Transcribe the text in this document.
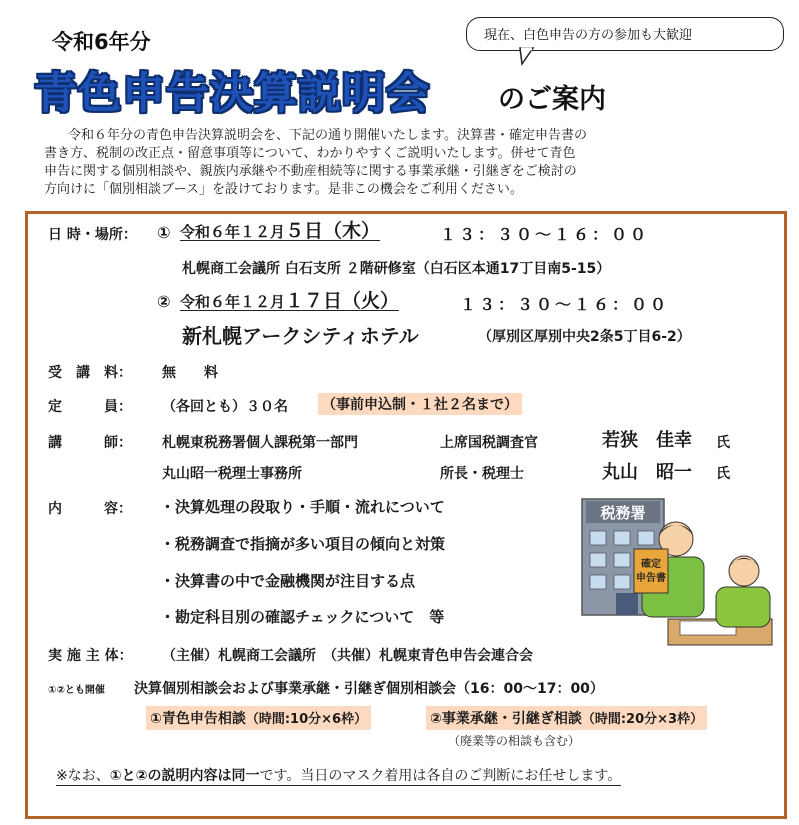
令和6年分
青色申告決算説明会	のご案内
現在、白色申告の方の参加も大歓迎

令和６年分の青色申告決算説明会を、下記の通り開催いたします。決算書・確定申告書の

書き方、税制の改正点・留意事項等について、わかりやすくご説明いたします。併せて青色

申告に関する個別相談や、親族内承継や不動産相続等に関する事業承継・引継ぎをご検討の

方向けに「個別相談ブース」を設けております。是非この機会をご利用ください。

日 時・場所： ① 令和６年１２月５日（木）	１３：３０～１６：００
札幌商工会議所 白石支所 ２階研修室（白石区本通17丁目南5-15）
② 令和６年１２月１７日（火）	１３：３０～１６：００
新札幌アークシティホテル	（厚別区厚別中央2条5丁目6-2）
受　講　料： 無　　料
定　　　員： （各回とも）３０名 （事前申込制・１社２名まで）
講　　　師： 札幌東税務署個人課税第一部門	上席国税調査官	若狭　佳幸 氏
丸山昭一税理士事務所	所長・税理士	丸山　昭一 氏
内　　　容： ・決算処理の段取り・手順・流れについて
・税務調査で指摘が多い項目の傾向と対策
・決算書の中で金融機関が注目する点
・勘定科目別の確認チェックについて　等
税務署
確定
申告書
実 施 主 体： （主催）札幌商工会議所　（共催）札幌東青色申告会連合会
①②とも開催 決算個別相談会および事業承継・引継ぎ個別相談会（16：00～17：00）
①青色申告相談（時間:10分×6枠）	②事業承継・引継ぎ相談（時間:20分×3枠）
（廃業等の相談も含む）
※なお、①と②の説明内容は同一です。当日のマスク着用は各自のご判断にお任せします。
